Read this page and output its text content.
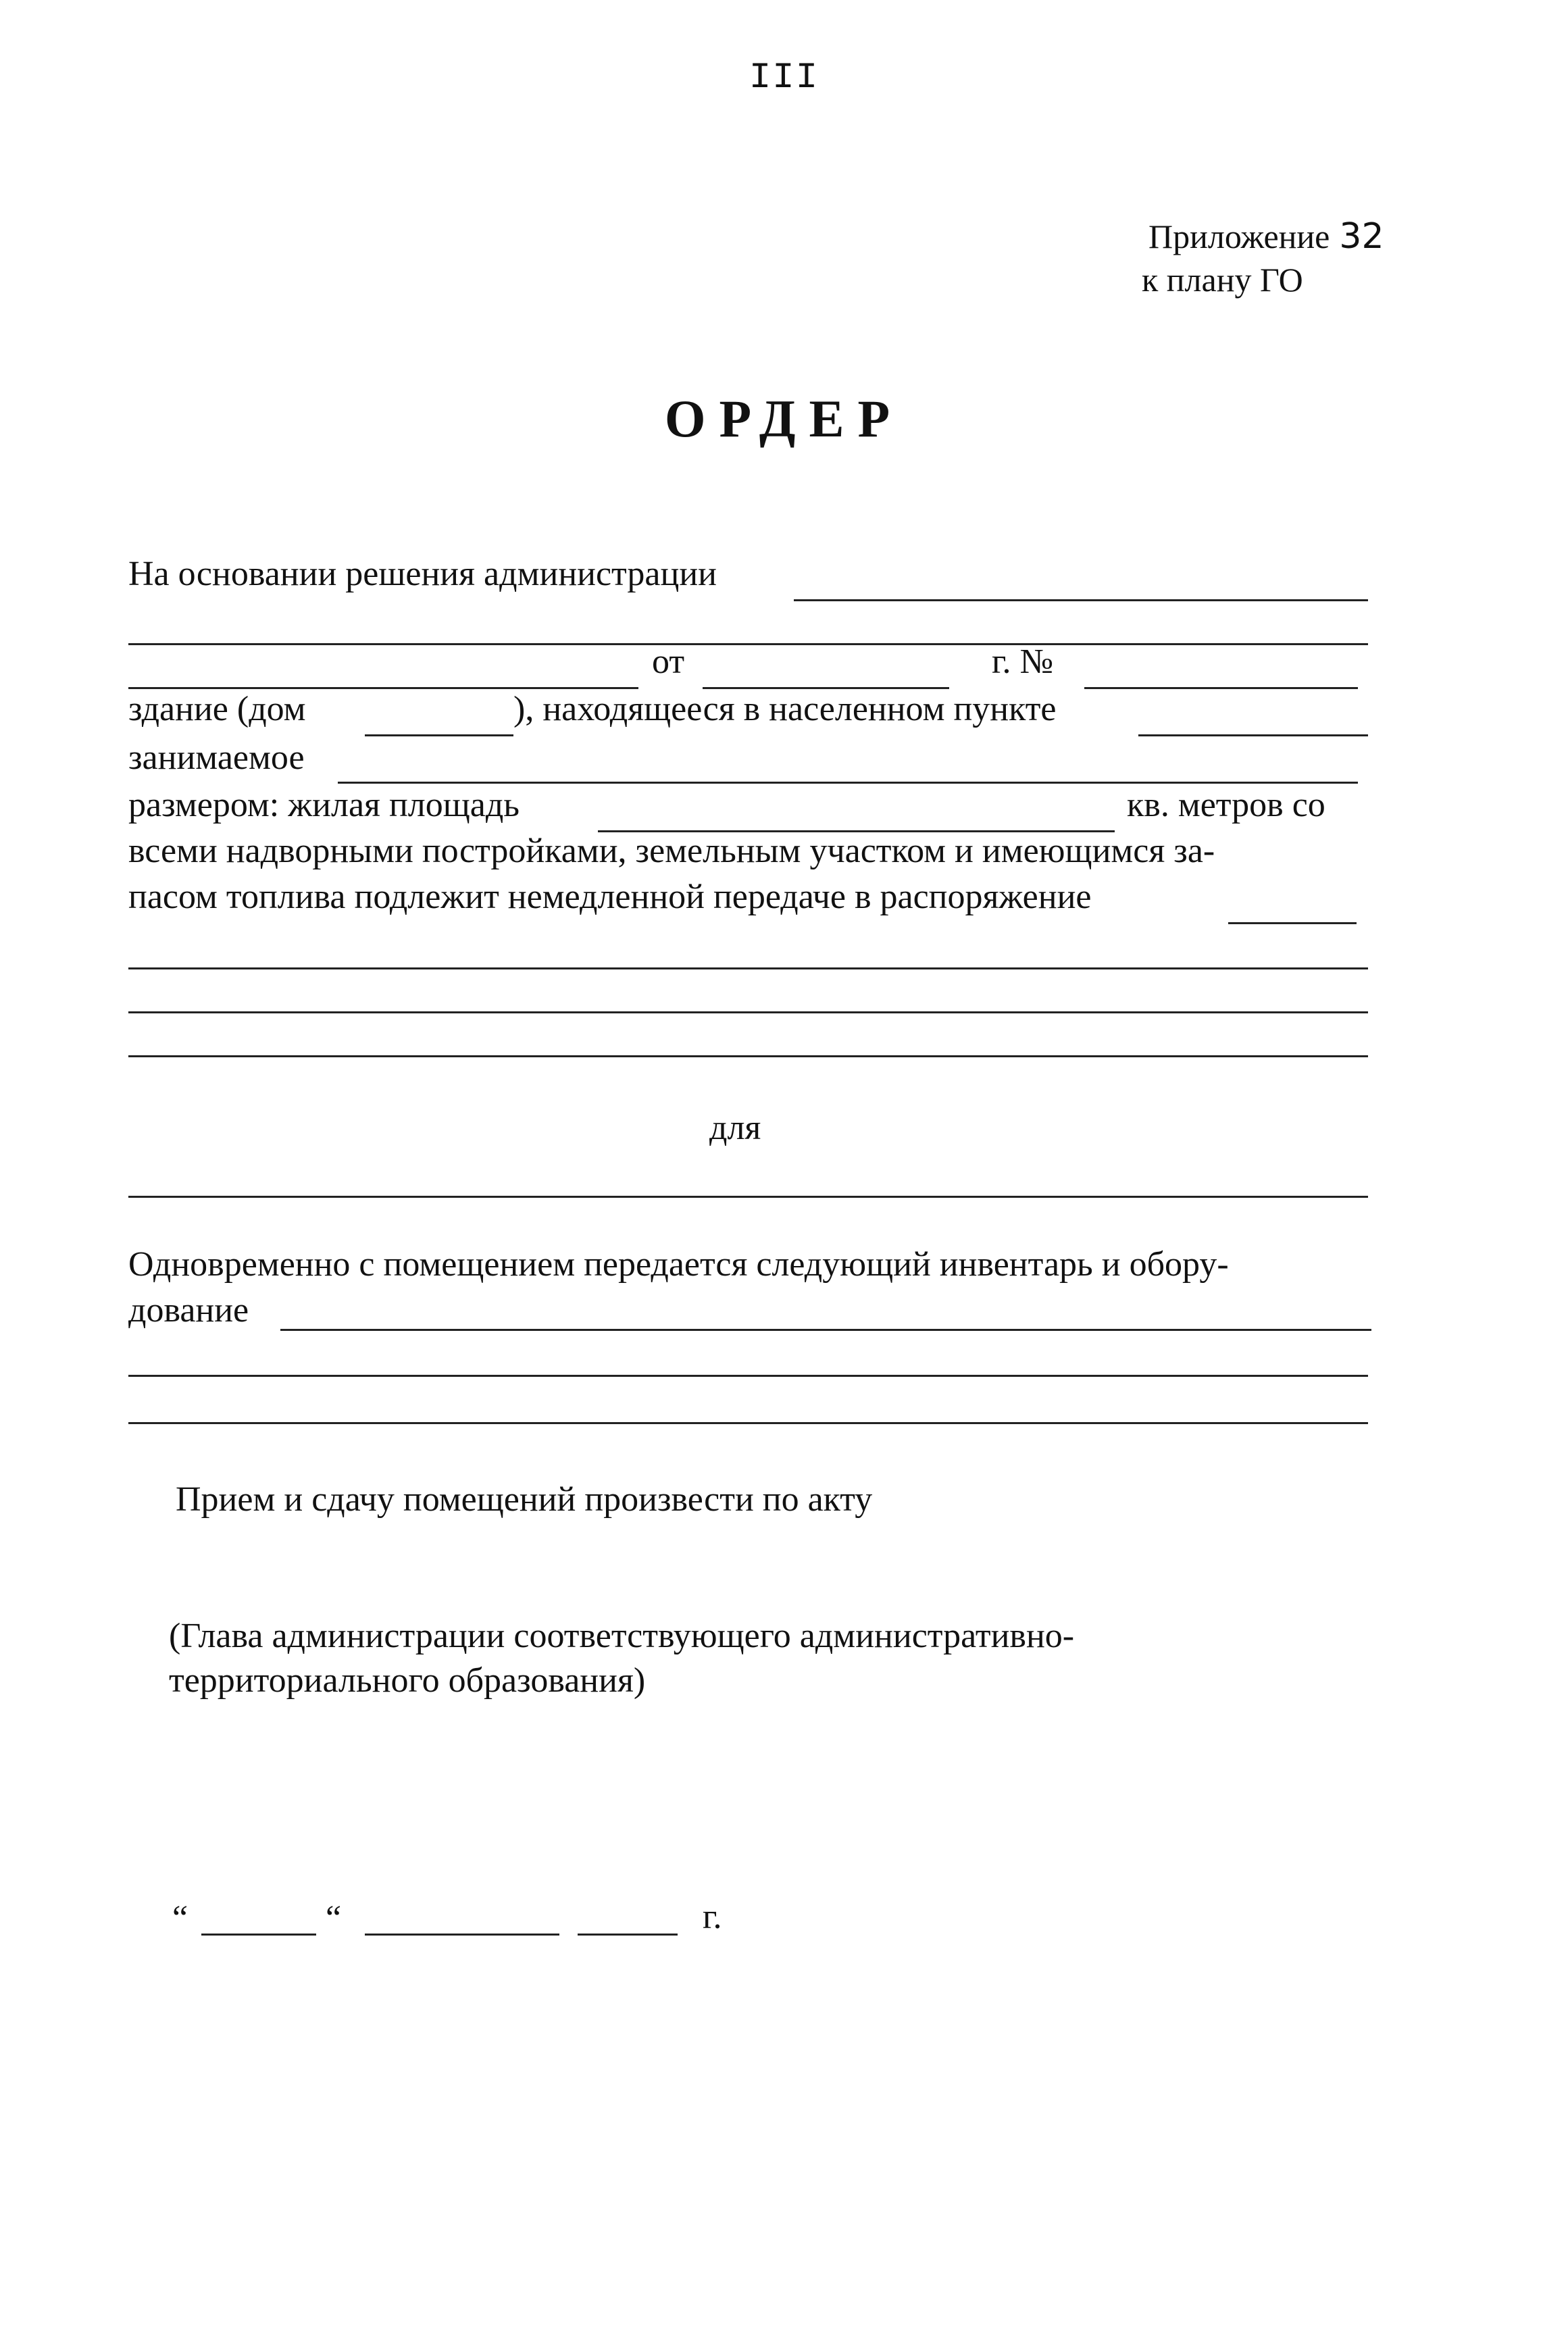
III
Приложение 32
к плану ГО
ОРДЕР
На основании решения администрации
от	г. №
здание (дом	), находящееся в населенном пункте
занимаемое
размером: жилая площадь	кв. метров со
всеми надворными постройками, земельным участком и имеющимся за-
пасом топлива подлежит немедленной передаче в распоряжение
для
Одновременно с помещением передается следующий инвентарь и обору-
дование
Прием и сдачу помещений произвести по акту
(Глава администрации соответствующего административно-
территориального образования)
“	“	г.
